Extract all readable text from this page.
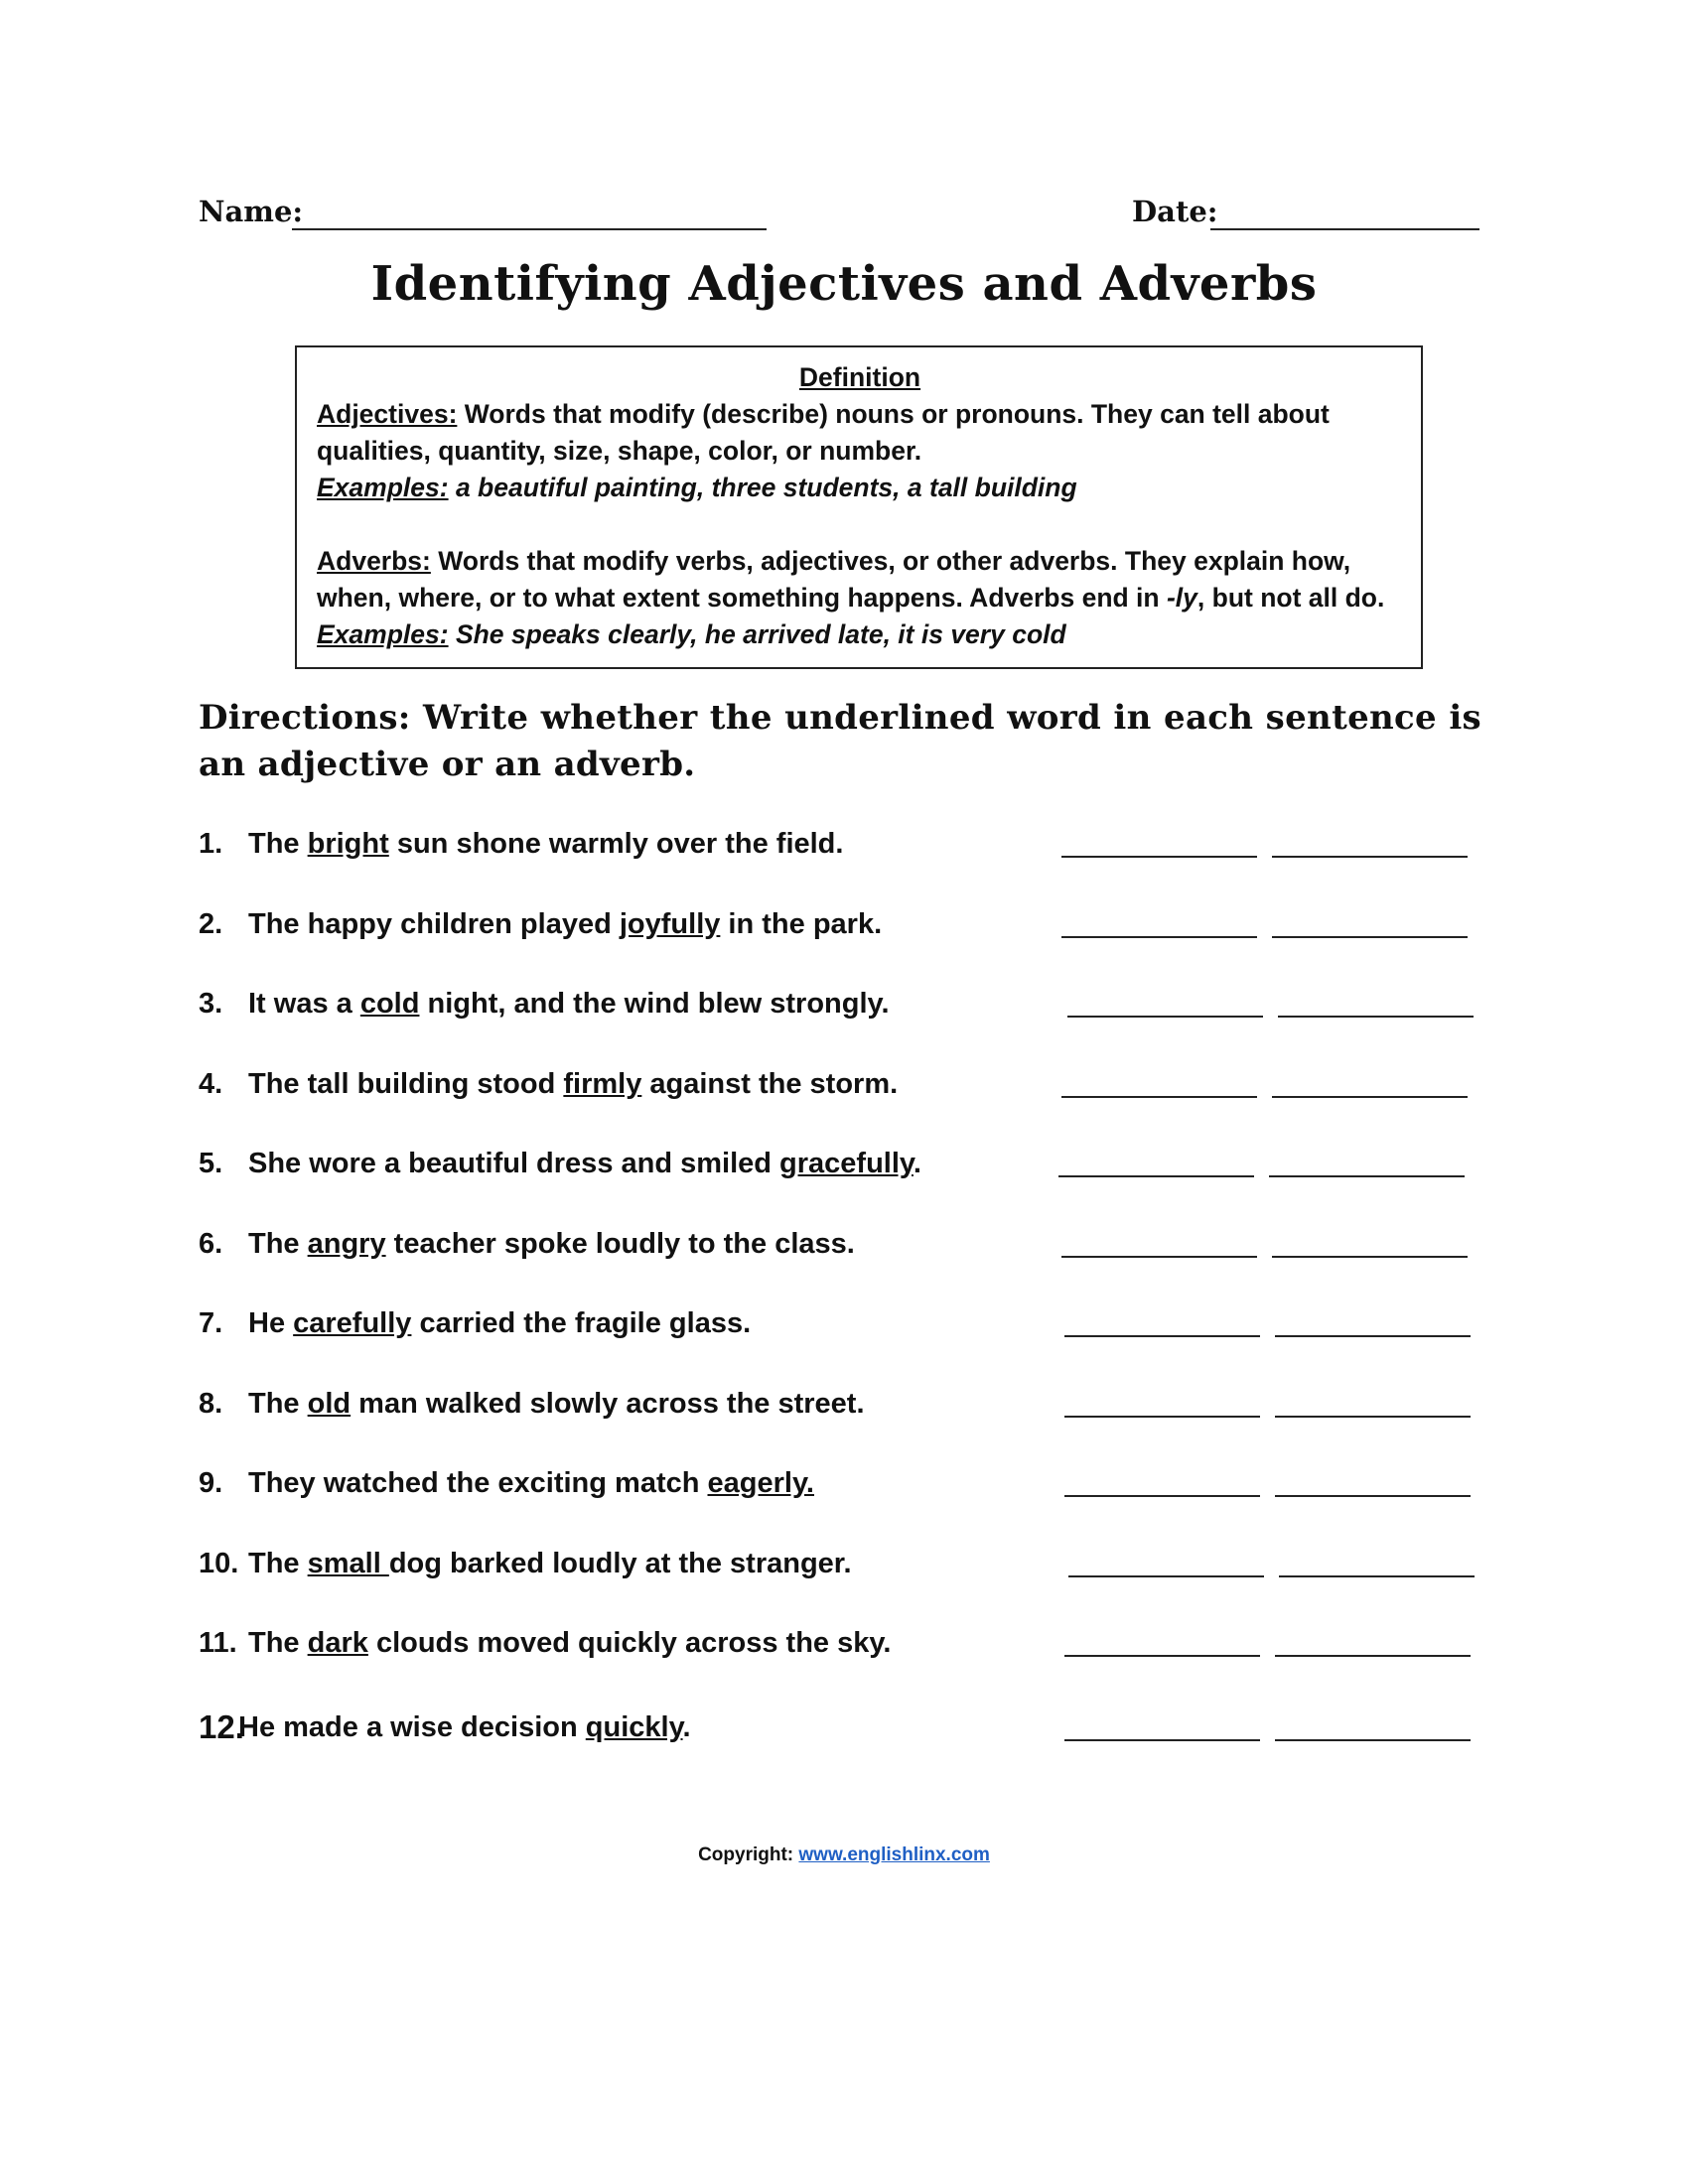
Name:	Date:
Identifying Adjectives and Adverbs
Definition
Adjectives: Words that modify (describe) nouns or pronouns. They can tell about
qualities, quantity, size, shape, color, or number.
Examples: a beautiful painting, three students, a tall building
Adverbs: Words that modify verbs, adjectives, or other adverbs. They explain how,
when, where, or to what extent something happens. Adverbs end in -ly, but not all do.
Examples: She speaks clearly, he arrived late, it is very cold
Directions: Write whether the underlined word in each sentence is an adjective or an adverb.
1. The bright sun shone warmly over the field.
2. The happy children played joyfully in the park.
3. It was a cold night, and the wind blew strongly.
4. The tall building stood firmly against the storm.
5. She wore a beautiful dress and smiled gracefully.
6. The angry teacher spoke loudly to the class.
7. He carefully carried the fragile glass.
8. The old man walked slowly across the street.
9. They watched the exciting match eagerly.
10. The small dog barked loudly at the stranger.
11. The dark clouds moved quickly across the sky.
12.
He made a wise decision quickly.
Copyright: www.englishlinx.com
